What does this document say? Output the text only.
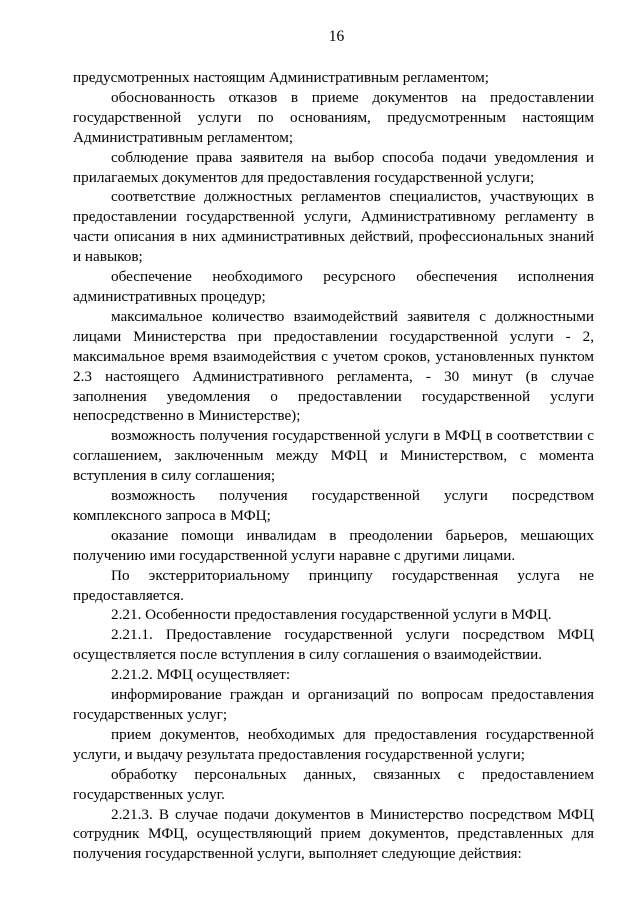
16

предусмотренных настоящим Административным регламентом;

обоснованность отказов в приеме документов на предоставлении государственной услуги по основаниям, предусмотренным настоящим Административным регламентом;

соблюдение права заявителя на выбор способа подачи уведомления и прилагаемых документов для предоставления государственной услуги;

соответствие должностных регламентов специалистов, участвующих в предоставлении государственной услуги, Административному регламенту в части описания в них административных действий, профессиональных знаний и навыков;

обеспечение необходимого ресурсного обеспечения исполнения административных процедур;

максимальное количество взаимодействий заявителя с должностными лицами Министерства при предоставлении государственной услуги - 2, максимальное время взаимодействия с учетом сроков, установленных пунктом 2.3 настоящего Административного регламента, - 30 минут (в случае заполнения уведомления о предоставлении государственной услуги непосредственно в Министерстве);

возможность получения государственной услуги в МФЦ в соответствии с соглашением, заключенным между МФЦ и Министерством, с момента вступления в силу соглашения;

возможность получения государственной услуги посредством комплексного запроса в МФЦ;

оказание помощи инвалидам в преодолении барьеров, мешающих получению ими государственной услуги наравне с другими лицами.

По экстерриториальному принципу государственная услуга не предоставляется.

2.21. Особенности предоставления государственной услуги в МФЦ.

2.21.1. Предоставление государственной услуги посредством МФЦ осуществляется после вступления в силу соглашения о взаимодействии.

2.21.2. МФЦ осуществляет:

информирование граждан и организаций по вопросам предоставления государственных услуг;

прием документов, необходимых для предоставления государственной услуги, и выдачу результата предоставления государственной услуги;

обработку персональных данных, связанных с предоставлением государственных услуг.

2.21.3. В случае подачи документов в Министерство посредством МФЦ сотрудник МФЦ, осуществляющий прием документов, представленных для получения государственной услуги, выполняет следующие действия:
